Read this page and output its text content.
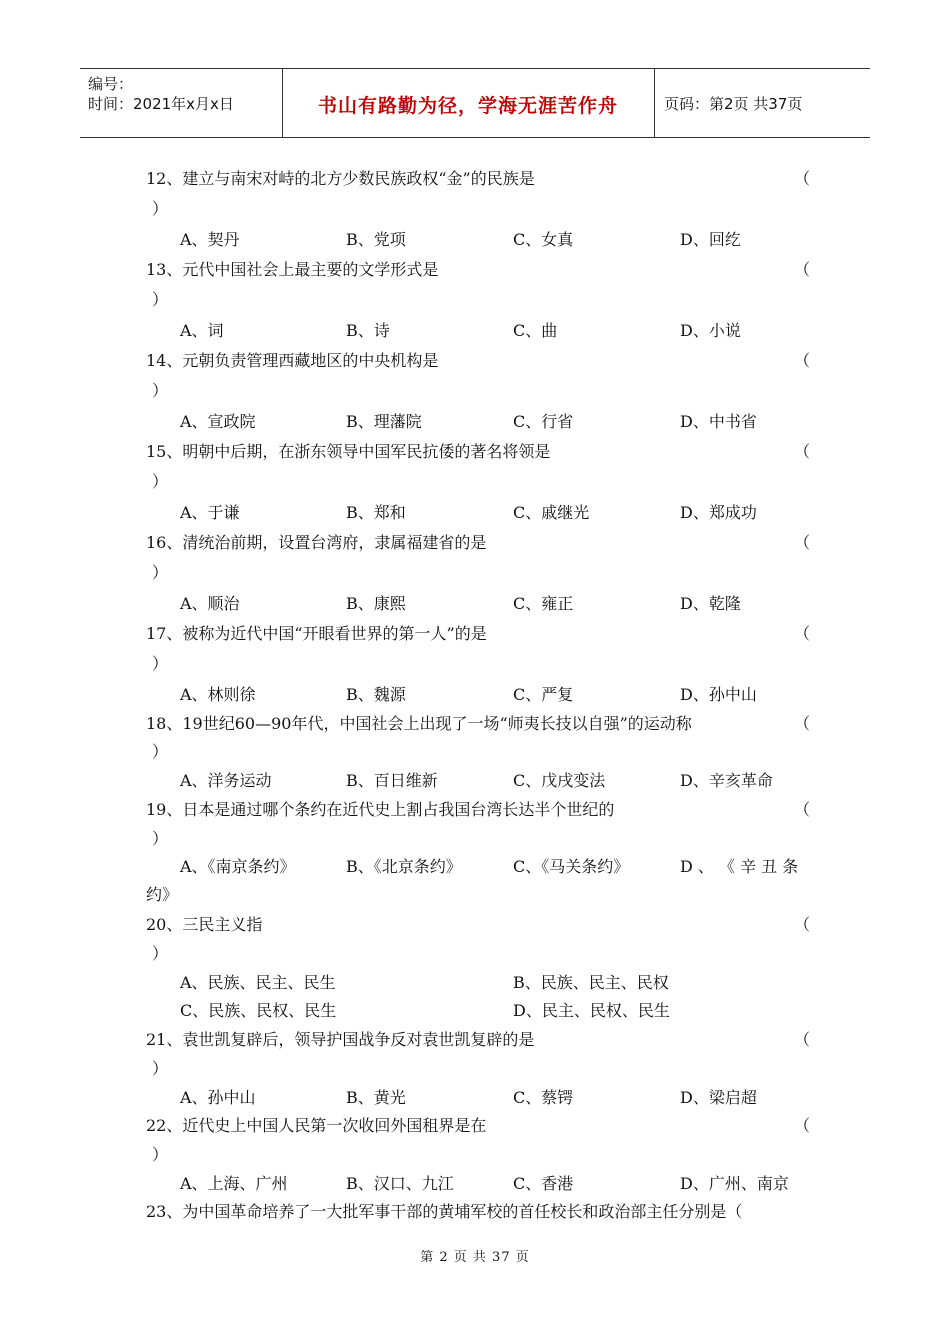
编号：
时间：2021年x月x日	书山有路勤为径，学海无涯苦作舟	页码：第2页 共37页
12、建立与南宋对峙的北方少数民族政权“金”的民族是	（
）
A、契丹	B、党项	C、女真	D、回纥
13、元代中国社会上最主要的文学形式是	（
）
A、词	B、诗	C、曲	D、小说
14、元朝负责管理西藏地区的中央机构是	（
）
A、宣政院	B、理藩院	C、行省	D、中书省
15、明朝中后期，在浙东领导中国军民抗倭的著名将领是	（
）
A、于谦	B、郑和	C、戚继光	D、郑成功
16、清统治前期，设置台湾府，隶属福建省的是	（
）
A、顺治	B、康熙	C、雍正	D、乾隆
17、被称为近代中国“开眼看世界的第一人”的是	（
）
A、林则徐	B、魏源	C、严复	D、孙中山
18、19世纪60—90年代，中国社会上出现了一场“师夷长技以自强”的运动称	（
）
A、洋务运动	B、百日维新	C、戊戌变法	D、辛亥革命
19、日本是通过哪个条约在近代史上割占我国台湾长达半个世纪的	（
）
A、《南京条约》	B、《北京条约》	C、《马关条约》	D 、 《 辛 丑 条
约》
20、三民主义指	（
）
A、民族、民主、民生	B、民族、民主、民权
C、民族、民权、民生	D、民主、民权、民生
21、袁世凯复辟后，领导护国战争反对袁世凯复辟的是	（
）
A、孙中山	B、黄光	C、蔡锷	D、梁启超
22、近代史上中国人民第一次收回外国租界是在	（
）
A、上海、广州	B、汉口、九江	C、香港	D、广州、南京
23、为中国革命培养了一大批军事干部的黄埔军校的首任校长和政治部主任分别是（
第 2 页 共 37 页
